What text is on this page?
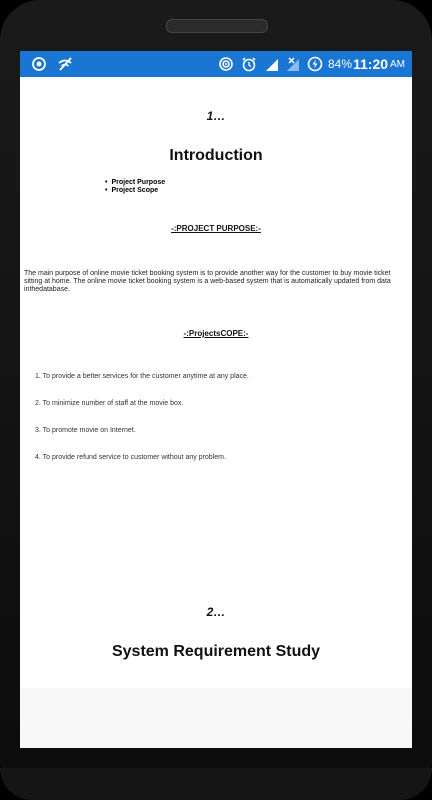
84% 11:20 AM
1…
Introduction
• Project Purpose
• Project Scope
-:PROJECT PURPOSE:-
The main purpose of online movie ticket booking system is to provide another way for the customer to buy movie ticket sitting at home. The online movie ticket booking system is a web-based system that is automatically updated from data inthedatabase.
-:ProjectsCOPE:-
1. To provide a better services for the customer anytime at any place.
2. To minimize number of staff at the movie box.
3. To promote movie on Internet.
4. To provide refund service to customer without any problem.
2…
System Requirement Study
